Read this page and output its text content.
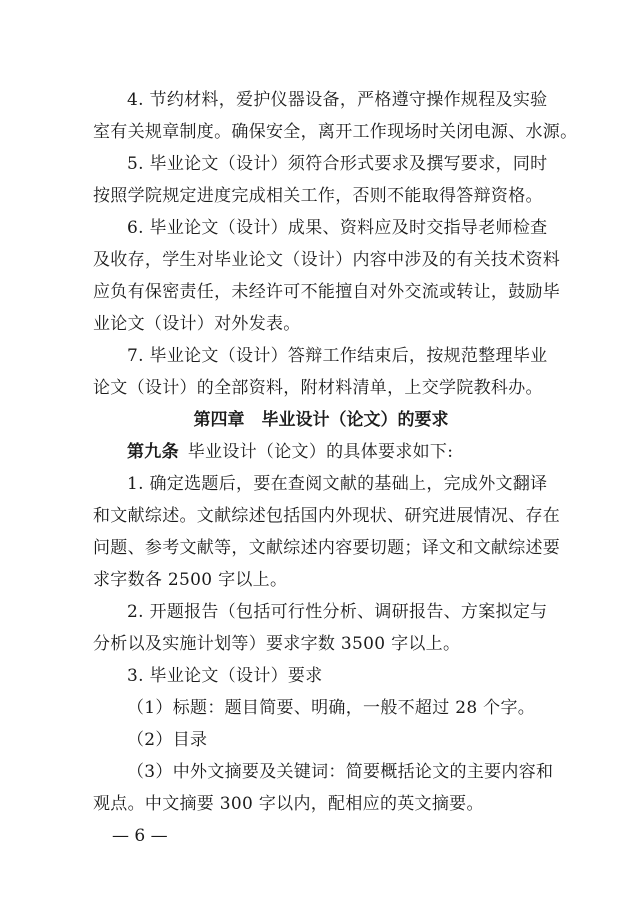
4. 节约材料，爱护仪器设备，严格遵守操作规程及实验
室有关规章制度。确保安全，离开工作现场时关闭电源、水源。
5. 毕业论文（设计）须符合形式要求及撰写要求，同时
按照学院规定进度完成相关工作，否则不能取得答辩资格。
6. 毕业论文（设计）成果、资料应及时交指导老师检查
及收存，学生对毕业论文（设计）内容中涉及的有关技术资料
应负有保密责任，未经许可不能擅自对外交流或转让，鼓励毕
业论文（设计）对外发表。
7. 毕业论文（设计）答辩工作结束后，按规范整理毕业
论文（设计）的全部资料，附材料清单，上交学院教科办。
第四章　毕业设计（论文）的要求
第九条  毕业设计（论文）的具体要求如下:
1. 确定选题后，要在查阅文献的基础上，完成外文翻译
和文献综述。文献综述包括国内外现状、研究进展情况、存在
问题、参考文献等，文献综述内容要切题；译文和文献综述要
求字数各 2500 字以上。
2. 开题报告（包括可行性分析、调研报告、方案拟定与
分析以及实施计划等）要求字数 3500 字以上。
3. 毕业论文（设计）要求
（1）标题：题目简要、明确，一般不超过 28 个字。
（2）目录
（3）中外文摘要及关键词：简要概括论文的主要内容和
观点。中文摘要 300 字以内，配相应的英文摘要。
— 6 —
